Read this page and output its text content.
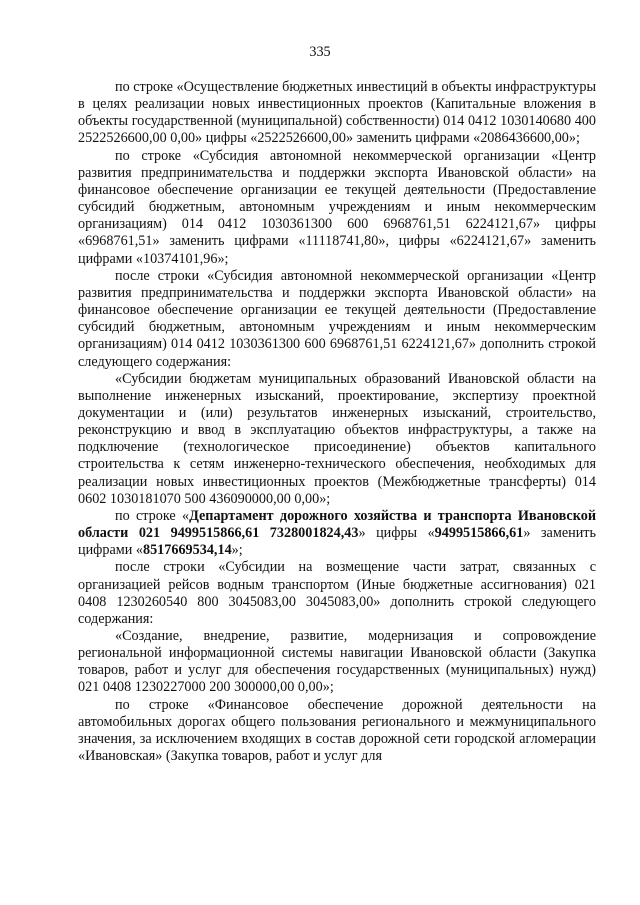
335

по строке «Осуществление бюджетных инвестиций в объекты инфраструктуры в целях реализации новых инвестиционных проектов (Капитальные вложения в объекты государственной (муниципальной) собственности) 014 0412 1030140680 400 2522526600,00 0,00» цифры «2522526600,00» заменить цифрами «2086436600,00»;

по строке «Субсидия автономной некоммерческой организации «Центр развития предпринимательства и поддержки экспорта Ивановской области» на финансовое обеспечение организации ее текущей деятельности (Предоставление субсидий бюджетным, автономным учреждениям и иным некоммерческим организациям) 014 0412 1030361300 600 6968761,51 6224121,67» цифры «6968761,51» заменить цифрами «11118741,80», цифры «6224121,67» заменить цифрами «10374101,96»;

после строки «Субсидия автономной некоммерческой организации «Центр развития предпринимательства и поддержки экспорта Ивановской области» на финансовое обеспечение организации ее текущей деятельности (Предоставление субсидий бюджетным, автономным учреждениям и иным некоммерческим организациям) 014 0412 1030361300 600 6968761,51 6224121,67» дополнить строкой следующего содержания:

«Субсидии бюджетам муниципальных образований Ивановской области на выполнение инженерных изысканий, проектирование, экспертизу проектной документации и (или) результатов инженерных изысканий, строительство, реконструкцию и ввод в эксплуатацию объектов инфраструктуры, а также на подключение (технологическое присоединение) объектов капитального строительства к сетям инженерно-технического обеспечения, необходимых для реализации новых инвестиционных проектов (Межбюджетные трансферты) 014 0602 1030181070 500 436090000,00 0,00»;

по строке «Департамент дорожного хозяйства и транспорта Ивановской области 021 9499515866,61 7328001824,43» цифры «9499515866,61» заменить цифрами «8517669534,14»;

после строки «Субсидии на возмещение части затрат, связанных с организацией рейсов водным транспортом (Иные бюджетные ассигнования) 021 0408 1230260540 800 3045083,00 3045083,00» дополнить строкой следующего содержания:

«Создание, внедрение, развитие, модернизация и сопровождение региональной информационной системы навигации Ивановской области (Закупка товаров, работ и услуг для обеспечения государственных (муниципальных) нужд) 021 0408 1230227000 200 300000,00 0,00»;

по строке «Финансовое обеспечение дорожной деятельности на автомобильных дорогах общего пользования регионального и межмуниципального значения, за исключением входящих в состав дорожной сети городской агломерации «Ивановская» (Закупка товаров, работ и услуг для
